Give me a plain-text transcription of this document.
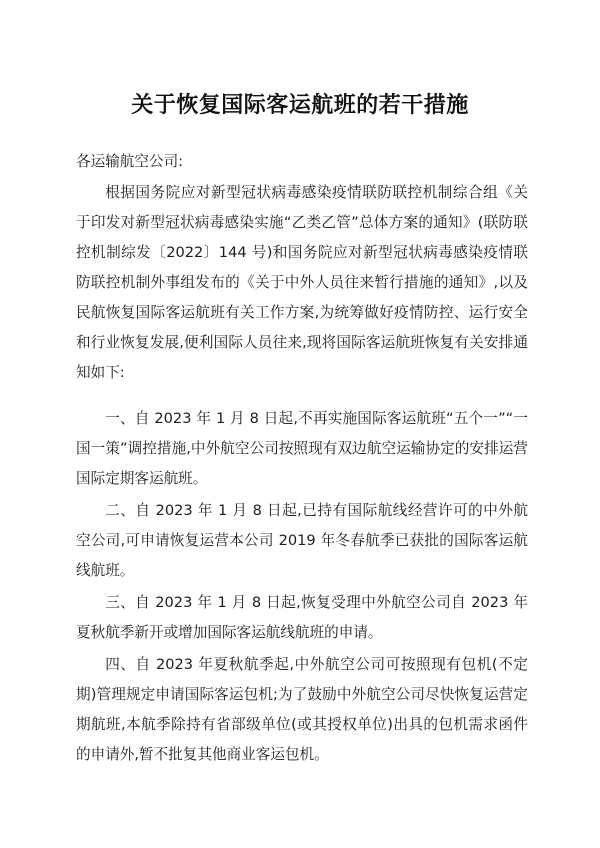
关于恢复国际客运航班的若干措施
各运输航空公司:

根据国务院应对新型冠状病毒感染疫情联防联控机制综合组《关于印发对新型冠状病毒感染实施“乙类乙管”总体方案的通知》(联防联控机制综发〔2022〕144 号)和国务院应对新型冠状病毒感染疫情联防联控机制外事组发布的《关于中外人员往来暂行措施的通知》,以及民航恢复国际客运航班有关工作方案,为统筹做好疫情防控、运行安全和行业恢复发展,便利国际人员往来,现将国际客运航班恢复有关安排通知如下:

一、自 2023 年 1 月 8 日起,不再实施国际客运航班“五个一”“一国一策”调控措施,中外航空公司按照现有双边航空运输协定的安排运营国际定期客运航班。

二、自 2023 年 1 月 8 日起,已持有国际航线经营许可的中外航空公司,可申请恢复运营本公司 2019 年冬春航季已获批的国际客运航线航班。

三、自 2023 年 1 月 8 日起,恢复受理中外航空公司自 2023 年夏秋航季新开或增加国际客运航线航班的申请。

四、自 2023 年夏秋航季起,中外航空公司可按照现有包机(不定期)管理规定申请国际客运包机;为了鼓励中外航空公司尽快恢复运营定期航班,本航季除持有省部级单位(或其授权单位)出具的包机需求函件的申请外,暂不批复其他商业客运包机。
